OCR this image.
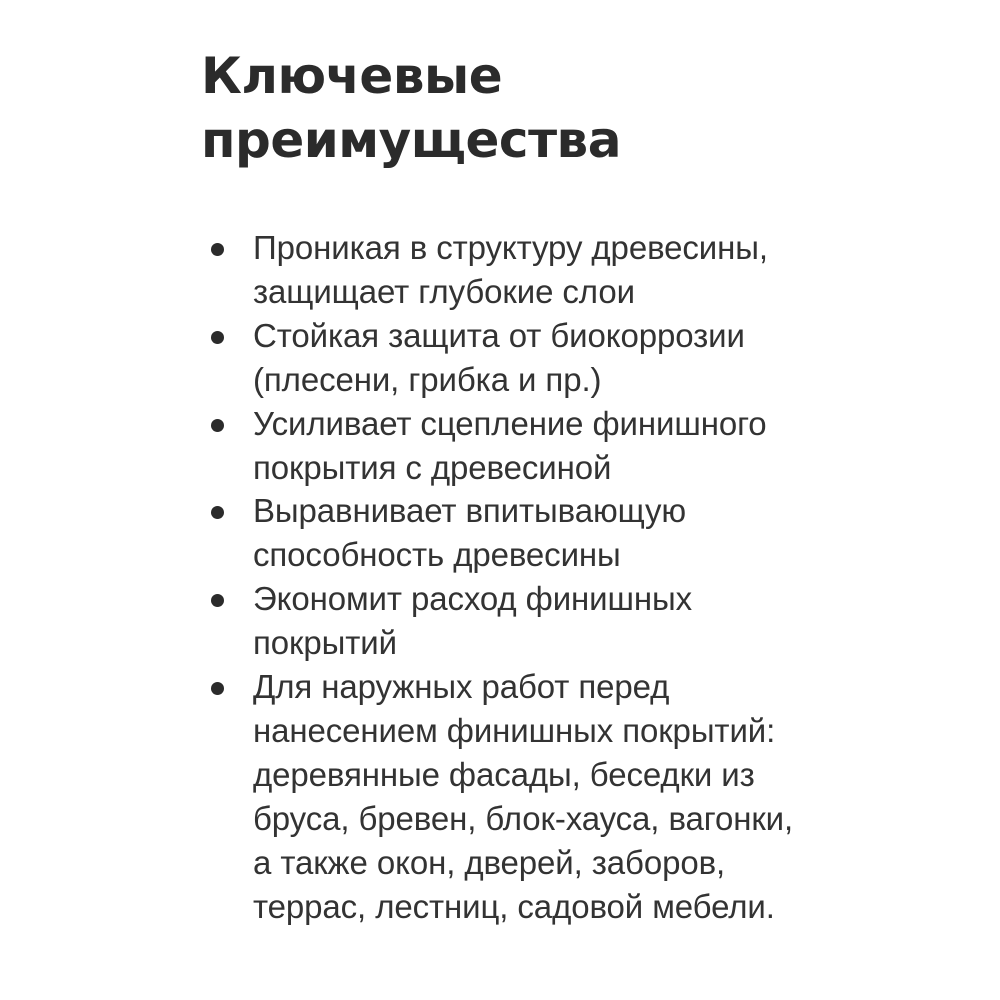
Ключевые
преимущества
Проникая в структуру древесины,
защищает глубокие слои
Стойкая защита от биокоррозии
(плесени, грибка и пр.)
Усиливает сцепление финишного
покрытия с древесиной
Выравнивает впитывающую
способность древесины
Экономит расход финишных
покрытий
Для наружных работ перед
нанесением финишных покрытий:
деревянные фасады, беседки из
бруса, бревен, блок-хауса, вагонки,
а также окон, дверей, заборов,
террас, лестниц, садовой мебели.
